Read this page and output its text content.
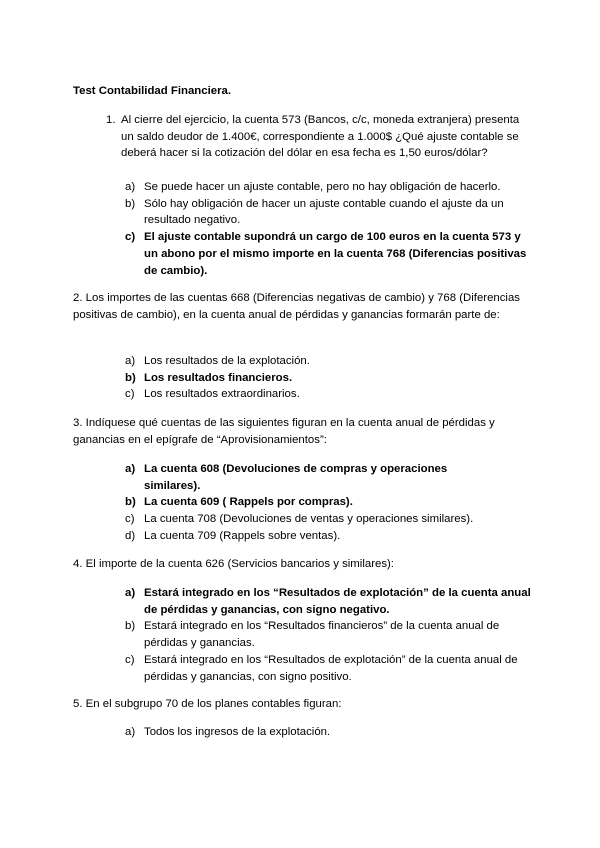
Test Contabilidad Financiera.
1. Al cierre del ejercicio, la cuenta 573 (Bancos, c/c, moneda extranjera) presenta un saldo deudor de 1.400€, correspondiente a 1.000$ ¿Qué ajuste contable se deberá hacer si la cotización del dólar en esa fecha es 1,50 euros/dólar?
a) Se puede hacer un ajuste contable, pero no hay obligación de hacerlo.
b) Sólo hay obligación de hacer un ajuste contable cuando el ajuste da un resultado negativo.
c) El ajuste contable supondrá un cargo de 100 euros en la cuenta 573 y un abono por el mismo importe en la cuenta 768 (Diferencias positivas de cambio).
2. Los importes de las cuentas 668 (Diferencias negativas de cambio) y 768 (Diferencias positivas de cambio), en la cuenta anual de pérdidas y ganancias formarán parte de:
a) Los resultados de la explotación.
b) Los resultados financieros.
c) Los resultados extraordinarios.
3. Indíquese qué cuentas de las siguientes figuran en la cuenta anual de pérdidas y ganancias en el epígrafe de “Aprovisionamientos”:
a) La cuenta 608 (Devoluciones de compras y operaciones similares).
b) La cuenta 609 ( Rappels por compras).
c) La cuenta 708 (Devoluciones de ventas y operaciones similares).
d) La cuenta 709 (Rappels sobre ventas).
4. El importe de la cuenta 626 (Servicios bancarios y similares):
a) Estará integrado en los “Resultados de explotación” de la cuenta anual de pérdidas y ganancias, con signo negativo.
b) Estará integrado en los “Resultados financieros” de la cuenta anual de pérdidas y ganancias.
c) Estará integrado en los “Resultados de explotación” de la cuenta anual de pérdidas y ganancias, con signo positivo.
5. En el subgrupo 70 de los planes contables figuran:
a) Todos los ingresos de la explotación.
